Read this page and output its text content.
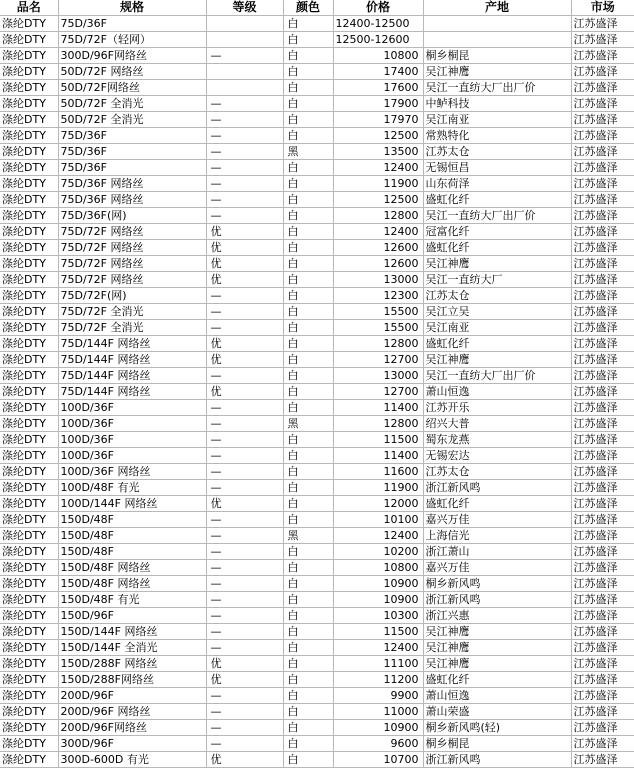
品名	规格	等级	颜色	价格	产地	市场
涤纶DTY	75D/36F		白	12400-12500		江苏盛泽
涤纶DTY	75D/72F（轻网）		白	12500-12600		江苏盛泽
涤纶DTY	300D/96F网络丝	—	白	10800	桐乡桐昆	江苏盛泽
涤纶DTY	50D/72F 网络丝		白	17400	吴江神鹰	江苏盛泽
涤纶DTY	50D/72F网络丝		白	17600	吴江一直纺大厂出厂价	江苏盛泽
涤纶DTY	50D/72F 全消光	—	白	17900	中鲈科技	江苏盛泽
涤纶DTY	50D/72F 全消光	—	白	17970	吴江南亚	江苏盛泽
涤纶DTY	75D/36F	—	白	12500	常熟特化	江苏盛泽
涤纶DTY	75D/36F	—	黑	13500	江苏太仓	江苏盛泽
涤纶DTY	75D/36F	—	白	12400	无锡恒昌	江苏盛泽
涤纶DTY	75D/36F 网络丝	—	白	11900	山东荷泽	江苏盛泽
涤纶DTY	75D/36F 网络丝	—	白	12500	盛虹化纤	江苏盛泽
涤纶DTY	75D/36F(网)	—	白	12800	吴江一直纺大厂出厂价	江苏盛泽
涤纶DTY	75D/72F 网络丝	优	白	12400	冠富化纤	江苏盛泽
涤纶DTY	75D/72F 网络丝	优	白	12600	盛虹化纤	江苏盛泽
涤纶DTY	75D/72F 网络丝	优	白	12600	吴江神鹰	江苏盛泽
涤纶DTY	75D/72F 网络丝	优	白	13000	吴江一直纺大厂	江苏盛泽
涤纶DTY	75D/72F(网)	—	白	12300	江苏太仓	江苏盛泽
涤纶DTY	75D/72F 全消光	—	白	15500	吴江立吴	江苏盛泽
涤纶DTY	75D/72F 全消光	—	白	15500	吴江南亚	江苏盛泽
涤纶DTY	75D/144F 网络丝	优	白	12800	盛虹化纤	江苏盛泽
涤纶DTY	75D/144F 网络丝	优	白	12700	吴江神鹰	江苏盛泽
涤纶DTY	75D/144F 网络丝	—	白	13000	吴江一直纺大厂出厂价	江苏盛泽
涤纶DTY	75D/144F 网络丝	优	白	12700	萧山恒逸	江苏盛泽
涤纶DTY	100D/36F	—	白	11400	江苏开乐	江苏盛泽
涤纶DTY	100D/36F	—	黑	12800	绍兴大普	江苏盛泽
涤纶DTY	100D/36F	—	白	11500	蜀东龙燕	江苏盛泽
涤纶DTY	100D/36F	—	白	11400	无锡宏达	江苏盛泽
涤纶DTY	100D/36F 网络丝	—	白	11600	江苏太仓	江苏盛泽
涤纶DTY	100D/48F 有光	—	白	11900	浙江新风鸣	江苏盛泽
涤纶DTY	100D/144F 网络丝	优	白	12000	盛虹化纤	江苏盛泽
涤纶DTY	150D/48F	—	白	10100	嘉兴万佳	江苏盛泽
涤纶DTY	150D/48F	—	黑	12400	上海信光	江苏盛泽
涤纶DTY	150D/48F	—	白	10200	浙江萧山	江苏盛泽
涤纶DTY	150D/48F 网络丝	—	白	10800	嘉兴万佳	江苏盛泽
涤纶DTY	150D/48F 网络丝	—	白	10900	桐乡新风鸣	江苏盛泽
涤纶DTY	150D/48F 有光	—	白	10900	浙江新风鸣	江苏盛泽
涤纶DTY	150D/96F	—	白	10300	浙江兴惠	江苏盛泽
涤纶DTY	150D/144F 网络丝	—	白	11500	吴江神鹰	江苏盛泽
涤纶DTY	150D/144F 全消光	—	白	12400	吴江神鹰	江苏盛泽
涤纶DTY	150D/288F 网络丝	优	白	11100	吴江神鹰	江苏盛泽
涤纶DTY	150D/288F网络丝	优	白	11200	盛虹化纤	江苏盛泽
涤纶DTY	200D/96F	—	白	9900	萧山恒逸	江苏盛泽
涤纶DTY	200D/96F 网络丝	—	白	11000	萧山荣盛	江苏盛泽
涤纶DTY	200D/96F网络丝	—	白	10900	桐乡新风鸣(轻)	江苏盛泽
涤纶DTY	300D/96F	—	白	9600	桐乡桐昆	江苏盛泽
涤纶DTY	300D-600D 有光	优	白	10700	浙江新风鸣	江苏盛泽
